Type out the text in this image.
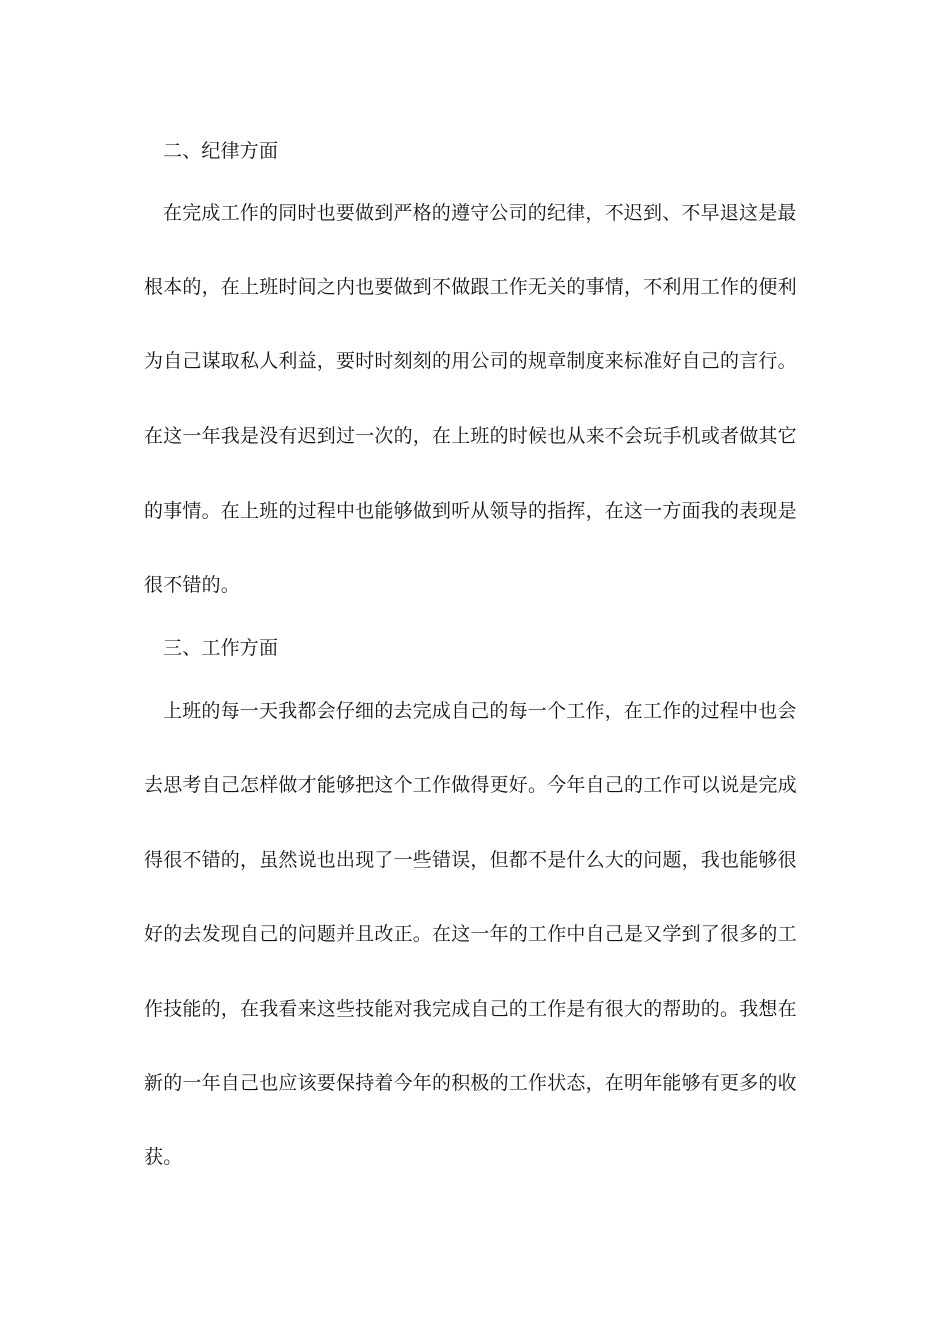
二、纪律方面
在完成工作的同时也要做到严格的遵守公司的纪律，不迟到、不早退这是最
根本的，在上班时间之内也要做到不做跟工作无关的事情，不利用工作的便利
为自己谋取私人利益，要时时刻刻的用公司的规章制度来标准好自己的言行。
在这一年我是没有迟到过一次的，在上班的时候也从来不会玩手机或者做其它
的事情。在上班的过程中也能够做到听从领导的指挥，在这一方面我的表现是
很不错的。
三、工作方面
上班的每一天我都会仔细的去完成自己的每一个工作，在工作的过程中也会
去思考自己怎样做才能够把这个工作做得更好。今年自己的工作可以说是完成
得很不错的，虽然说也出现了一些错误，但都不是什么大的问题，我也能够很
好的去发现自己的问题并且改正。在这一年的工作中自己是又学到了很多的工
作技能的，在我看来这些技能对我完成自己的工作是有很大的帮助的。我想在
新的一年自己也应该要保持着今年的积极的工作状态，在明年能够有更多的收
获。
